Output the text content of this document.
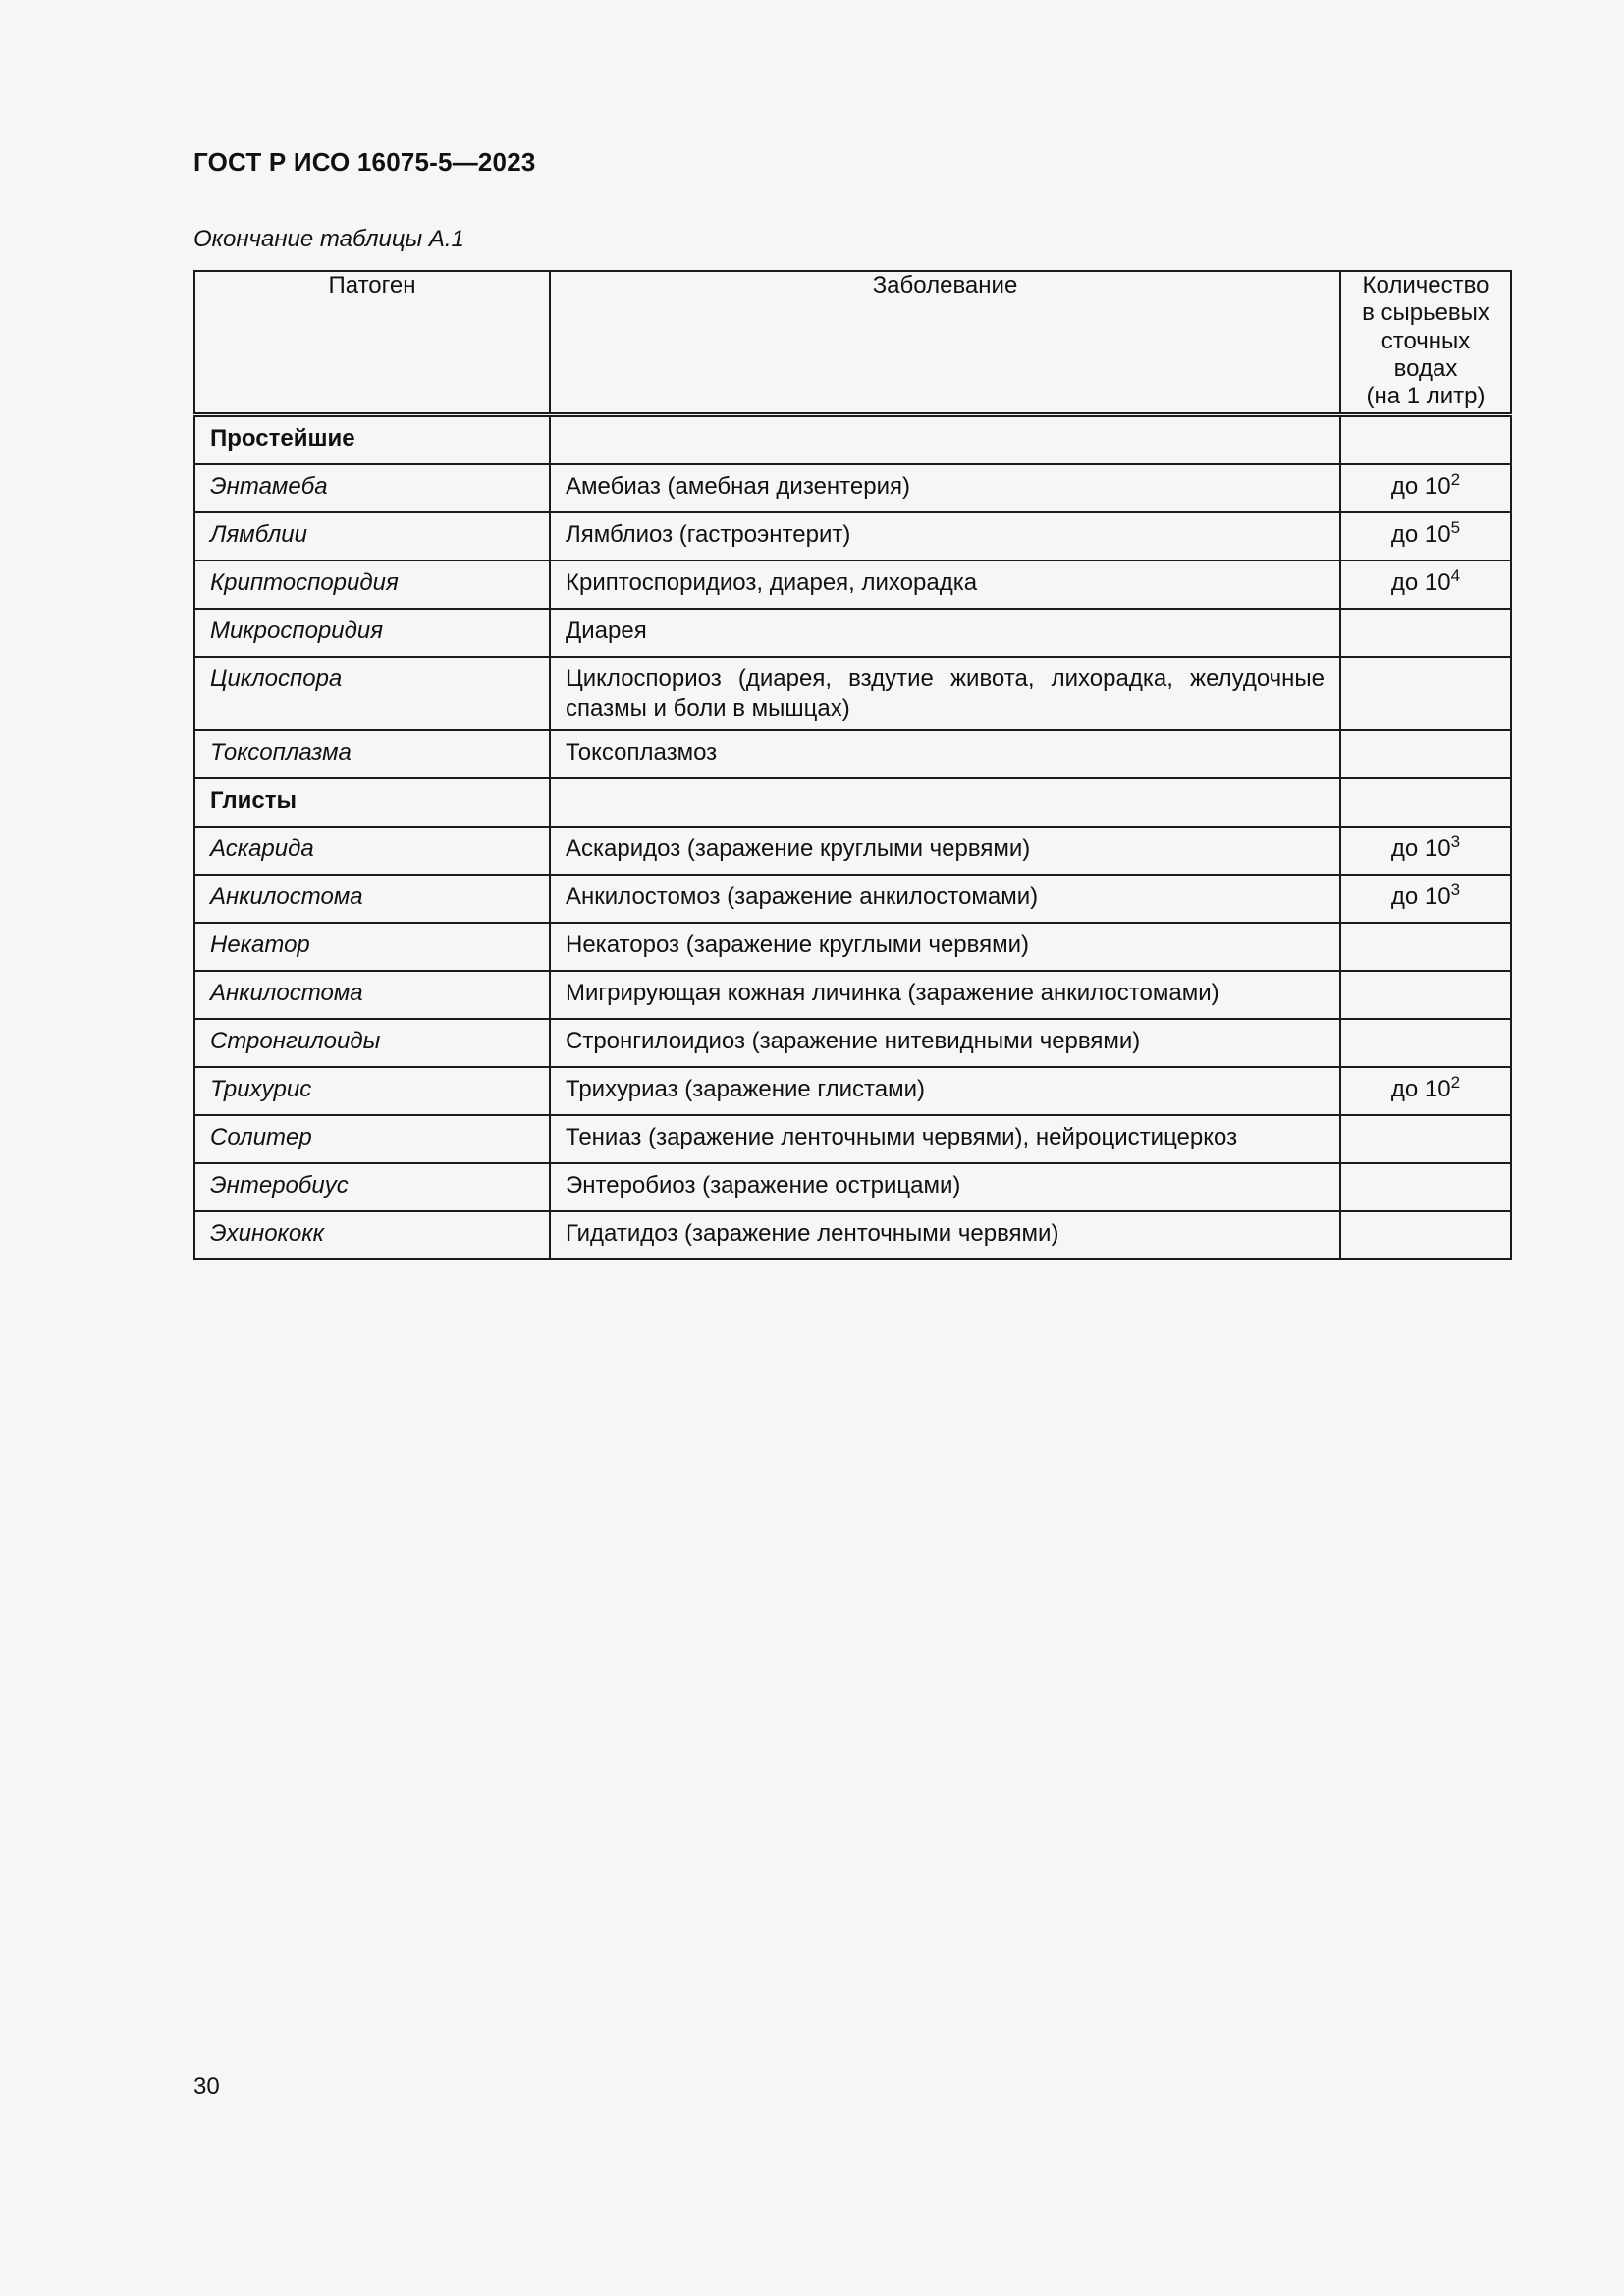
ГОСТ Р ИСО 16075-5—2023
Окончание таблицы А.1
Патоген	Заболевание	Количество
в сырьевых
сточных
водах
(на 1 литр)
Простейшие		
Энтамеба	Амебиаз (амебная дизентерия)	до $10^2$
Лямблии	Лямблиоз (гастроэнтерит)	до $10^5$
Криптоспоридия	Криптоспоридиоз, диарея, лихорадка	до $10^4$
Микроспоридия	Диарея	
Циклоспора	Циклоспориоз (диарея, вздутие живота, лихорадка, желудочные спазмы и боли в мышцах)	
Токсоплазма	Токсоплазмоз	
Глисты		
Аскарида	Аскаридоз (заражение круглыми червями)	до $10^3$
Анкилостома	Анкилостомоз (заражение анкилостомами)	до $10^3$
Некатор	Некатороз (заражение круглыми червями)	
Анкилостома	Мигрирующая кожная личинка (заражение анкилостомами)	
Стронгилоиды	Стронгилоидиоз (заражение нитевидными червями)	
Трихурис	Трихуриаз (заражение глистами)	до $10^2$
Солитер	Тениаз (заражение ленточными червями), нейроцистицеркоз	
Энтеробиус	Энтеробиоз (заражение острицами)	
Эхинококк	Гидатидоз (заражение ленточными червями)	
30
